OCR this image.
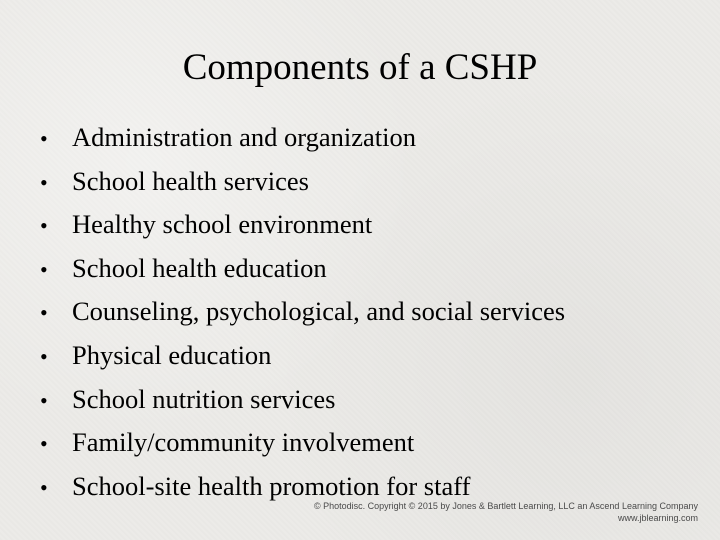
Components of a CSHP
• Administration and organization
• School health services
• Healthy school environment
• School health education
• Counseling, psychological, and social services
• Physical education
• School nutrition services
• Family/community involvement
• School-site health promotion for staff
© Photodisc. Copyright © 2015 by Jones & Bartlett Learning, LLC an Ascend Learning Company
www.jblearning.com
